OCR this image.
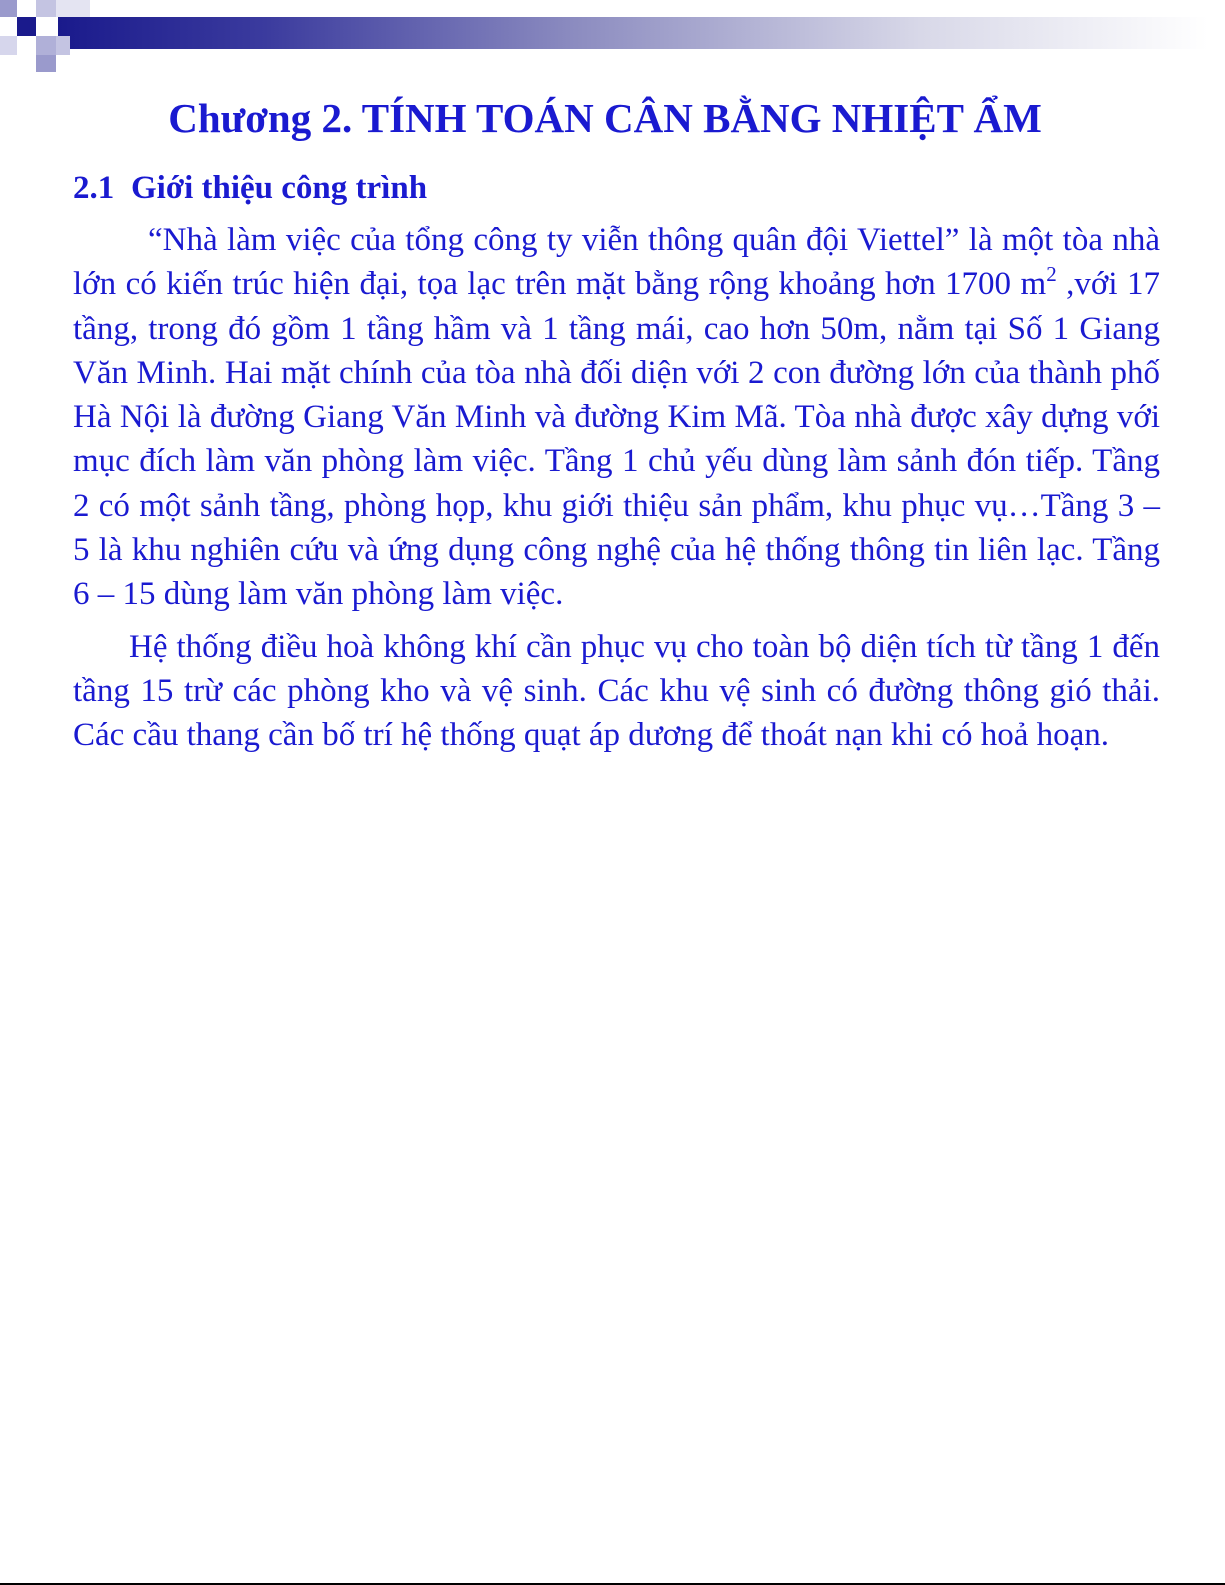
Chương 2. TÍNH TOÁN CÂN BẰNG NHIỆT ẨM
2.1 Giới thiệu công trình

“Nhà làm việc của tổng công ty viễn thông quân đội Viettel” là một tòa nhà lớn có kiến trúc hiện đại, tọa lạc trên mặt bằng rộng khoảng hơn 1700 $m^2$ ,với 17 tầng, trong đó gồm 1 tầng hầm và 1 tầng mái, cao hơn 50m, nằm tại Số 1 Giang Văn Minh. Hai mặt chính của tòa nhà đối diện với 2 con đường lớn của thành phố Hà Nội là đường Giang Văn Minh và đường Kim Mã. Tòa nhà được xây dựng với mục đích làm văn phòng làm việc. Tầng 1 chủ yếu dùng làm sảnh đón tiếp. Tầng 2 có một sảnh tầng, phòng họp, khu giới thiệu sản phẩm, khu phục vụ…Tầng 3 – 5 là khu nghiên cứu và ứng dụng công nghệ của hệ thống thông tin liên lạc. Tầng 6 – 15 dùng làm văn phòng làm việc.

Hệ thống điều hoà không khí cần phục vụ cho toàn bộ diện tích từ tầng 1 đến tầng 15 trừ các phòng kho và vệ sinh. Các khu vệ sinh có đường thông gió thải. Các cầu thang cần bố trí hệ thống quạt áp dương để thoát nạn khi có hoả hoạn.
